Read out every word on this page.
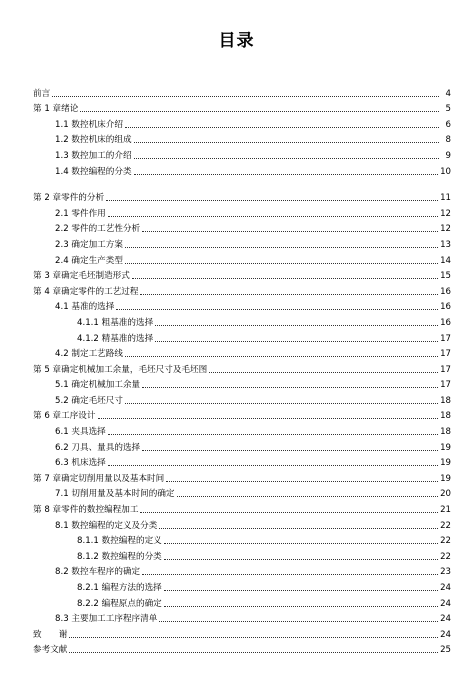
目录
前言	4
第 1 章绪论	5
1.1 数控机床介绍	6
1.2 数控机床的组成	8
1.3 数控加工的介绍	9
1.4 数控编程的分类	10
第 2 章零件的分析	11
2.1 零件作用	12
2.2 零件的工艺性分析	12
2.3 确定加工方案	13
2.4 确定生产类型	14
第 3 章确定毛坯制造形式	15
第 4 章确定零件的工艺过程	16
4.1 基准的选择	16
4.1.1 粗基准的选择	16
4.1.2 精基准的选择	17
4.2 制定工艺路线	17
第 5 章确定机械加工余量，毛坯尺寸及毛坯图	17
5.1 确定机械加工余量	17
5.2 确定毛坯尺寸	18
第 6 章工序设计	18
6.1 夹具选择	18
6.2 刀具、量具的选择	19
6.3 机床选择	19
第 7 章确定切削用量以及基本时间	19
7.1 切削用量及基本时间的确定	20
第 8 章零件的数控编程加工	21
8.1 数控编程的定义及分类	22
8.1.1 数控编程的定义	22
8.1.2 数控编程的分类	22
8.2 数控车程序的确定	23
8.2.1 编程方法的选择	24
8.2.2 编程原点的确定	24
8.3 主要加工工序程序清单	24
致　　谢	24
参考文献	25
